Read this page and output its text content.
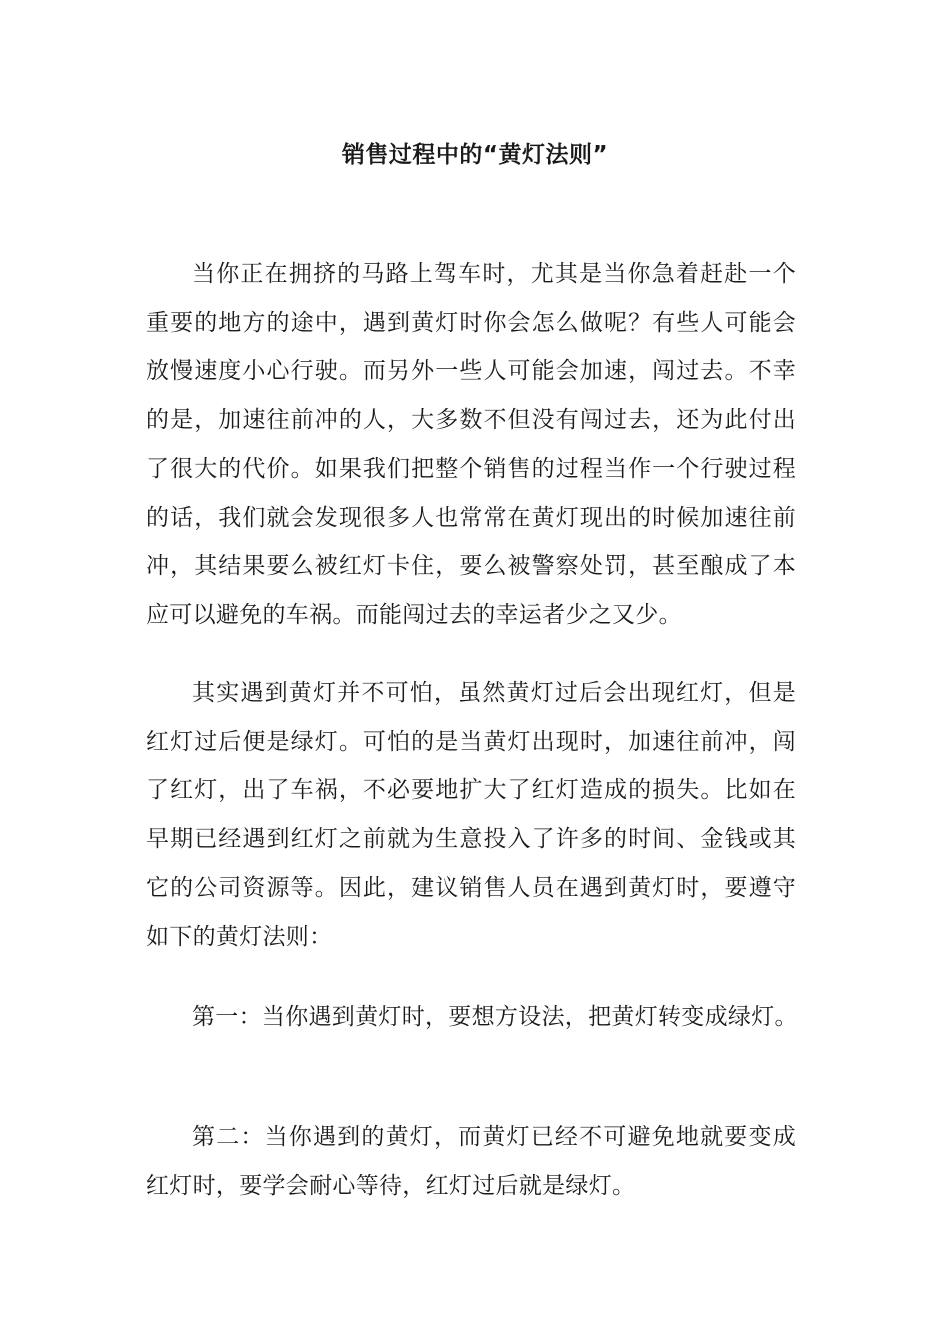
销售过程中的“黄灯法则”

当你正在拥挤的马路上驾车时，尤其是当你急着赶赴一个重要的地方的途中，遇到黄灯时你会怎么做呢？有些人可能会放慢速度小心行驶。而另外一些人可能会加速，闯过去。不幸的是，加速往前冲的人，大多数不但没有闯过去，还为此付出了很大的代价。如果我们把整个销售的过程当作一个行驶过程的话，我们就会发现很多人也常常在黄灯现出的时候加速往前冲，其结果要么被红灯卡住，要么被警察处罚，甚至酿成了本应可以避免的车祸。而能闯过去的幸运者少之又少。

其实遇到黄灯并不可怕，虽然黄灯过后会出现红灯，但是红灯过后便是绿灯。可怕的是当黄灯出现时，加速往前冲，闯了红灯，出了车祸，不必要地扩大了红灯造成的损失。比如在早期已经遇到红灯之前就为生意投入了许多的时间、金钱或其它的公司资源等。因此，建议销售人员在遇到黄灯时，要遵守如下的黄灯法则：

第一：当你遇到黄灯时，要想方设法，把黄灯转变成绿灯。

第二：当你遇到的黄灯，而黄灯已经不可避免地就要变成红灯时，要学会耐心等待，红灯过后就是绿灯。
